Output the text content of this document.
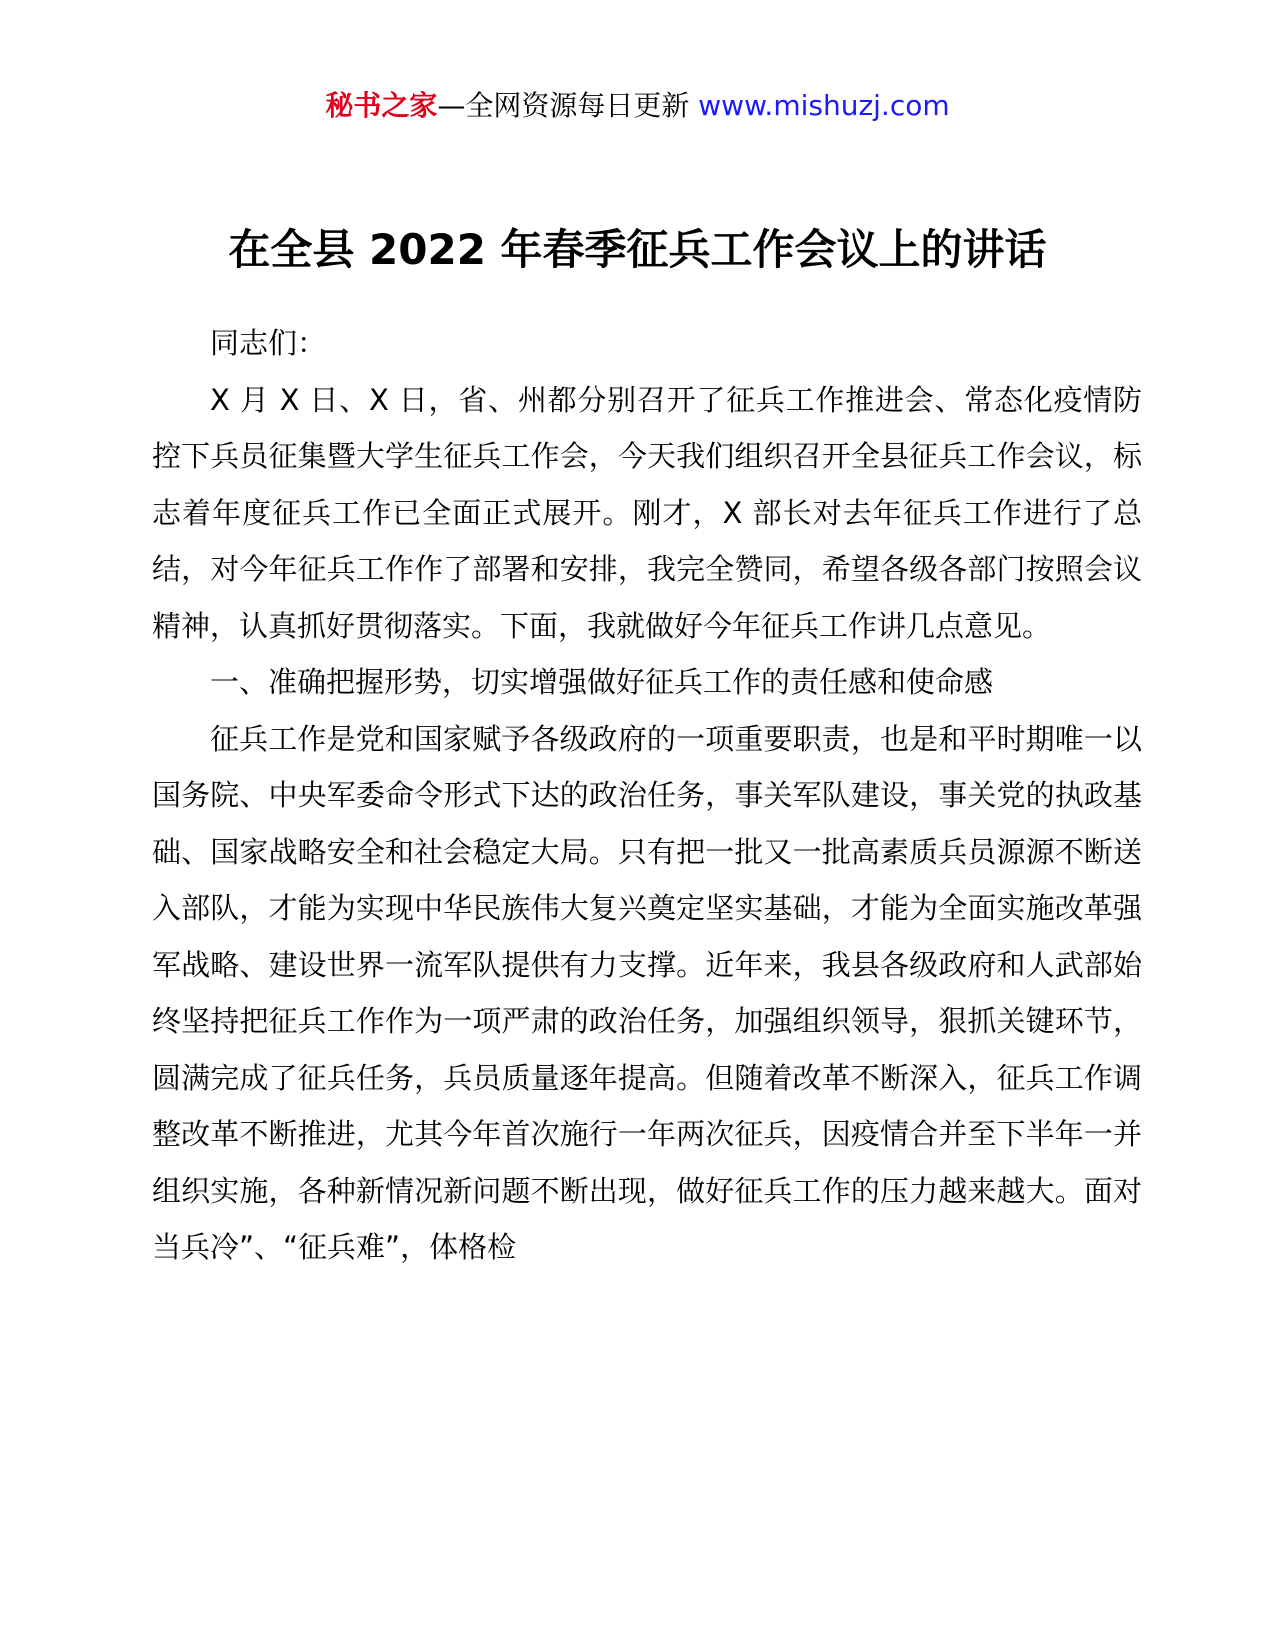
秘书之家—全网资源每日更新 www.mishuzj.com
在全县 2022 年春季征兵工作会议上的讲话

同志们：

X 月 X 日、X 日，省、州都分别召开了征兵工作推进会、常态化疫情防控下兵员征集暨大学生征兵工作会，今天我们组织召开全县征兵工作会议，标志着年度征兵工作已全面正式展开。刚才，X 部长对去年征兵工作进行了总结，对今年征兵工作作了部署和安排，我完全赞同，希望各级各部门按照会议精神，认真抓好贯彻落实。下面，我就做好今年征兵工作讲几点意见。

一、准确把握形势，切实增强做好征兵工作的责任感和使命感

征兵工作是党和国家赋予各级政府的一项重要职责，也是和平时期唯一以国务院、中央军委命令形式下达的政治任务，事关军队建设，事关党的执政基础、国家战略安全和社会稳定大局。只有把一批又一批高素质兵员源源不断送入部队，才能为实现中华民族伟大复兴奠定坚实基础，才能为全面实施改革强军战略、建设世界一流军队提供有力支撑。近年来，我县各级政府和人武部始终坚持把征兵工作作为一项严肃的政治任务，加强组织领导，狠抓关键环节，圆满完成了征兵任务，兵员质量逐年提高。但随着改革不断深入，征兵工作调整改革不断推进，尤其今年首次施行一年两次征兵，因疫情合并至下半年一并组织实施，各种新情况新问题不断出现，做好征兵工作的压力越来越大。面对当兵冷”、“征兵难”，体格检
